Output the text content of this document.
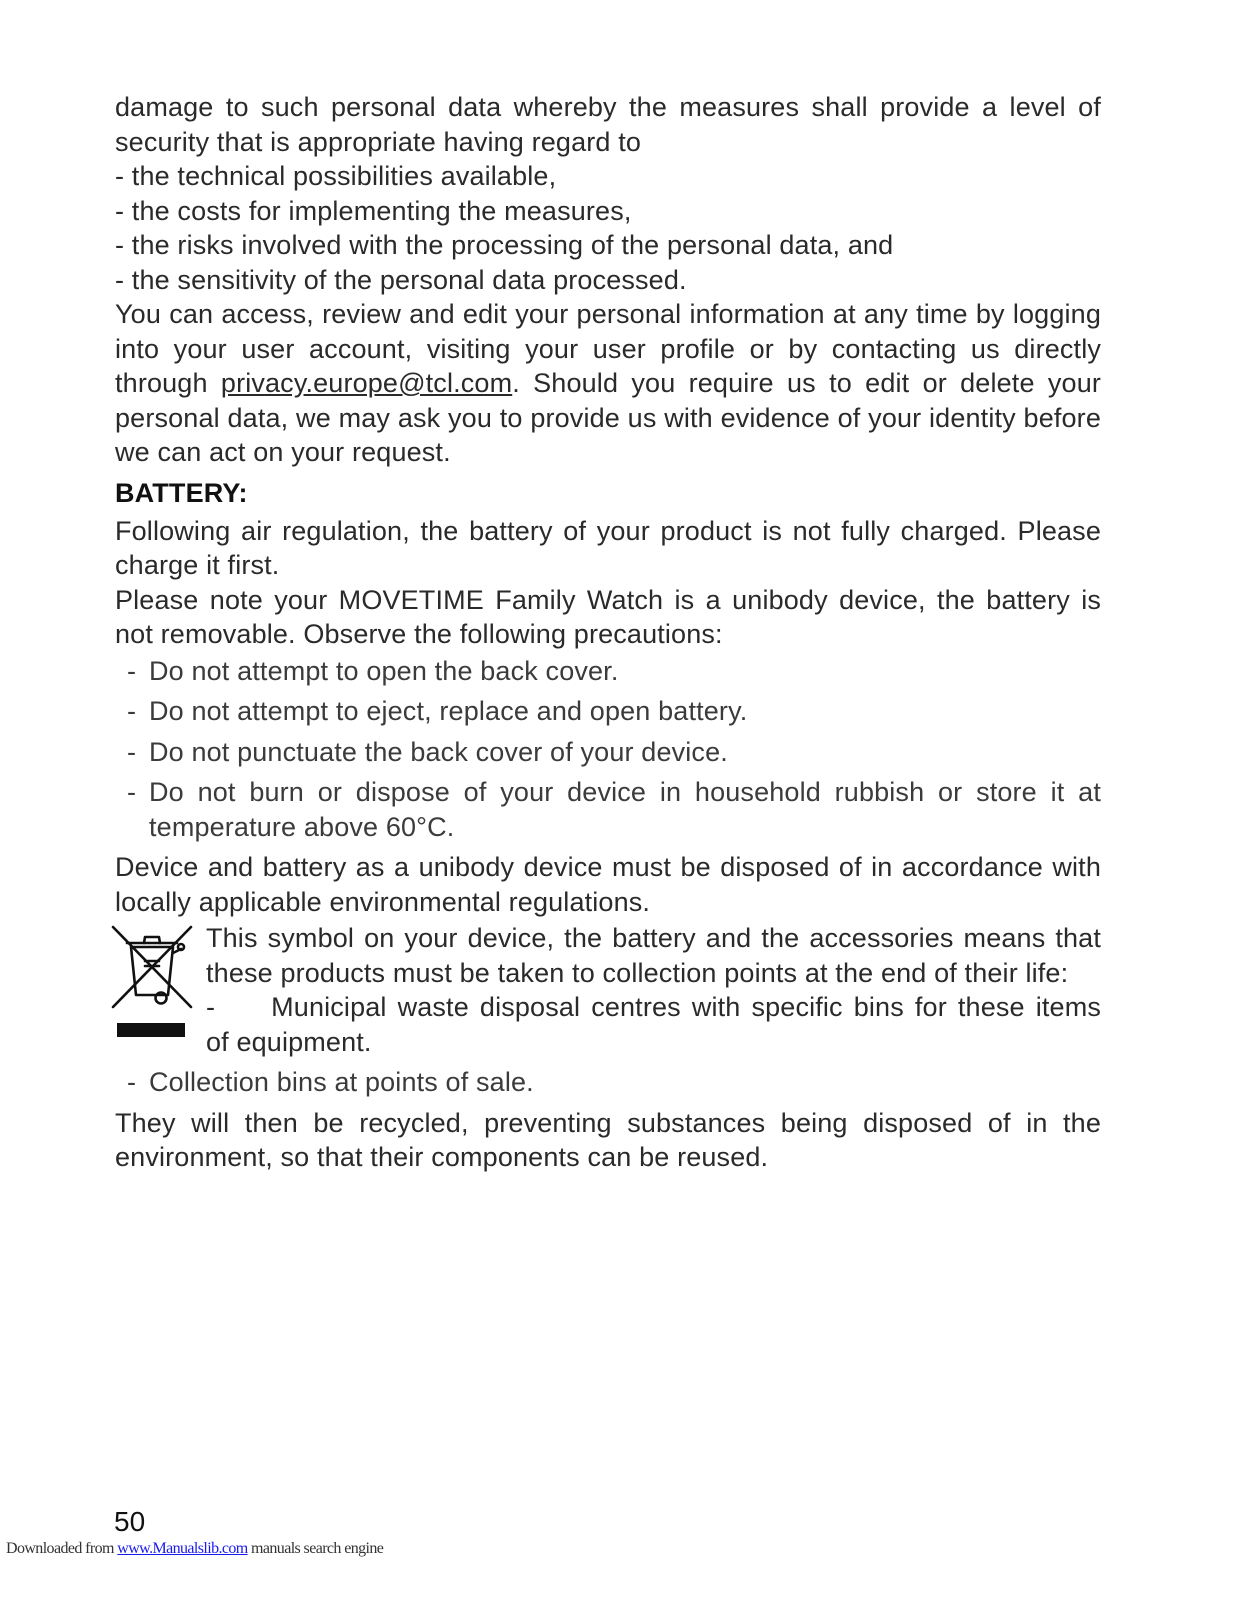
damage to such personal data whereby the measures shall provide a level of security that is appropriate having regard to

- the technical possibilities available,

- the costs for implementing the measures,

- the risks involved with the processing of the personal data, and

- the sensitivity of the personal data processed.

You can access, review and edit your personal information at any time by logging into your user account, visiting your user profile or by contacting us directly through privacy.europe@tcl.com. Should you require us to edit or delete your personal data, we may ask you to provide us with evidence of your identity before we can act on your request.

BATTERY:

Following air regulation, the battery of your product is not fully charged. Please charge it first.

Please note your MOVETIME Family Watch is a unibody device, the battery is not removable. Observe the following precautions:

- Do not attempt to open the back cover.
- Do not attempt to eject, replace and open battery.
- Do not punctuate the back cover of your device.
- Do not burn or dispose of your device in household rubbish or store it at temperature above 60°C.

Device and battery as a unibody device must be disposed of in accordance with locally applicable environmental regulations.

This symbol on your device, the battery and the accessories means that these products must be taken to collection points at the end of their life:

- Municipal waste disposal centres with specific bins for these items of equipment.

- Collection bins at points of sale.

They will then be recycled, preventing substances being disposed of in the environment, so that their components can be reused.

50
Downloaded from www.Manualslib.com manuals search engine
